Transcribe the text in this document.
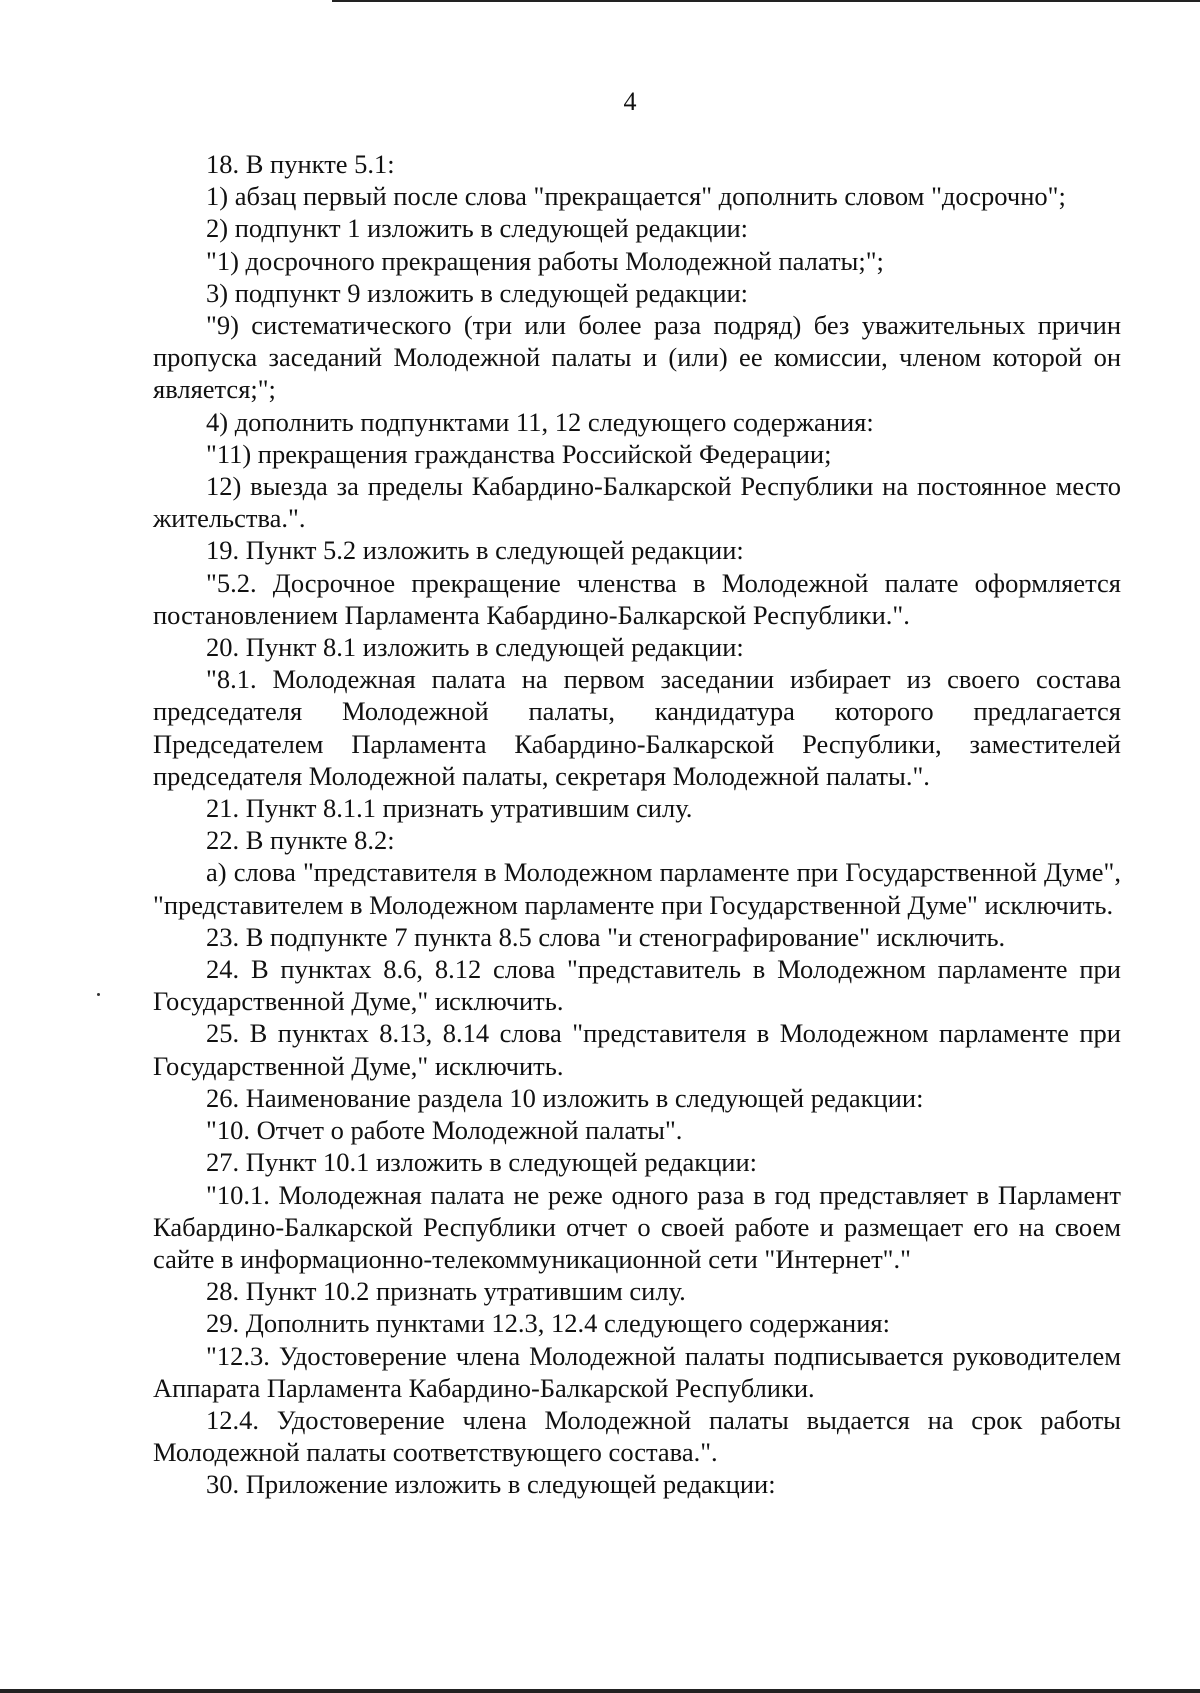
4

18. В пункте 5.1:

1) абзац первый после слова "прекращается" дополнить словом "досрочно";

2) подпункт 1 изложить в следующей редакции:

"1) досрочного прекращения работы Молодежной палаты;";

3) подпункт 9 изложить в следующей редакции:

"9) систематического (три или более раза подряд) без уважительных причин пропуска заседаний Молодежной палаты и (или) ее комиссии, членом которой он является;";

4) дополнить подпунктами 11, 12 следующего содержания:

"11) прекращения гражданства Российской Федерации;

12) выезда за пределы Кабардино-Балкарской Республики на постоянное место жительства.".

19. Пункт 5.2 изложить в следующей редакции:

"5.2. Досрочное прекращение членства в Молодежной палате оформляется постановлением Парламента Кабардино-Балкарской Республики.".

20. Пункт 8.1 изложить в следующей редакции:

"8.1. Молодежная палата на первом заседании избирает из своего состава председателя Молодежной палаты, кандидатура которого предлагается Председателем Парламента Кабардино-Балкарской Республики, заместителей председателя Молодежной палаты, секретаря Молодежной палаты.".

21. Пункт 8.1.1 признать утратившим силу.

22. В пункте 8.2:

а) слова "представителя в Молодежном парламенте при Государственной Думе", "представителем в Молодежном парламенте при Государственной Думе" исключить.

23. В подпункте 7 пункта 8.5 слова "и стенографирование" исключить.

24. В пунктах 8.6, 8.12 слова "представитель в Молодежном парламенте при Государственной Думе," исключить.

25. В пунктах 8.13, 8.14 слова "представителя в Молодежном парламенте при Государственной Думе," исключить.

26. Наименование раздела 10 изложить в следующей редакции:

"10. Отчет о работе Молодежной палаты".

27. Пункт 10.1 изложить в следующей редакции:

"10.1. Молодежная палата не реже одного раза в год представляет в Парламент Кабардино-Балкарской Республики отчет о своей работе и размещает его на своем сайте в информационно-телекоммуникационной сети "Интернет"."

28. Пункт 10.2 признать утратившим силу.

29. Дополнить пунктами 12.3, 12.4 следующего содержания:

"12.3. Удостоверение члена Молодежной палаты подписывается руководителем Аппарата Парламента Кабардино-Балкарской Республики.

12.4. Удостоверение члена Молодежной палаты выдается на срок работы Молодежной палаты соответствующего состава.".

30. Приложение изложить в следующей редакции:
